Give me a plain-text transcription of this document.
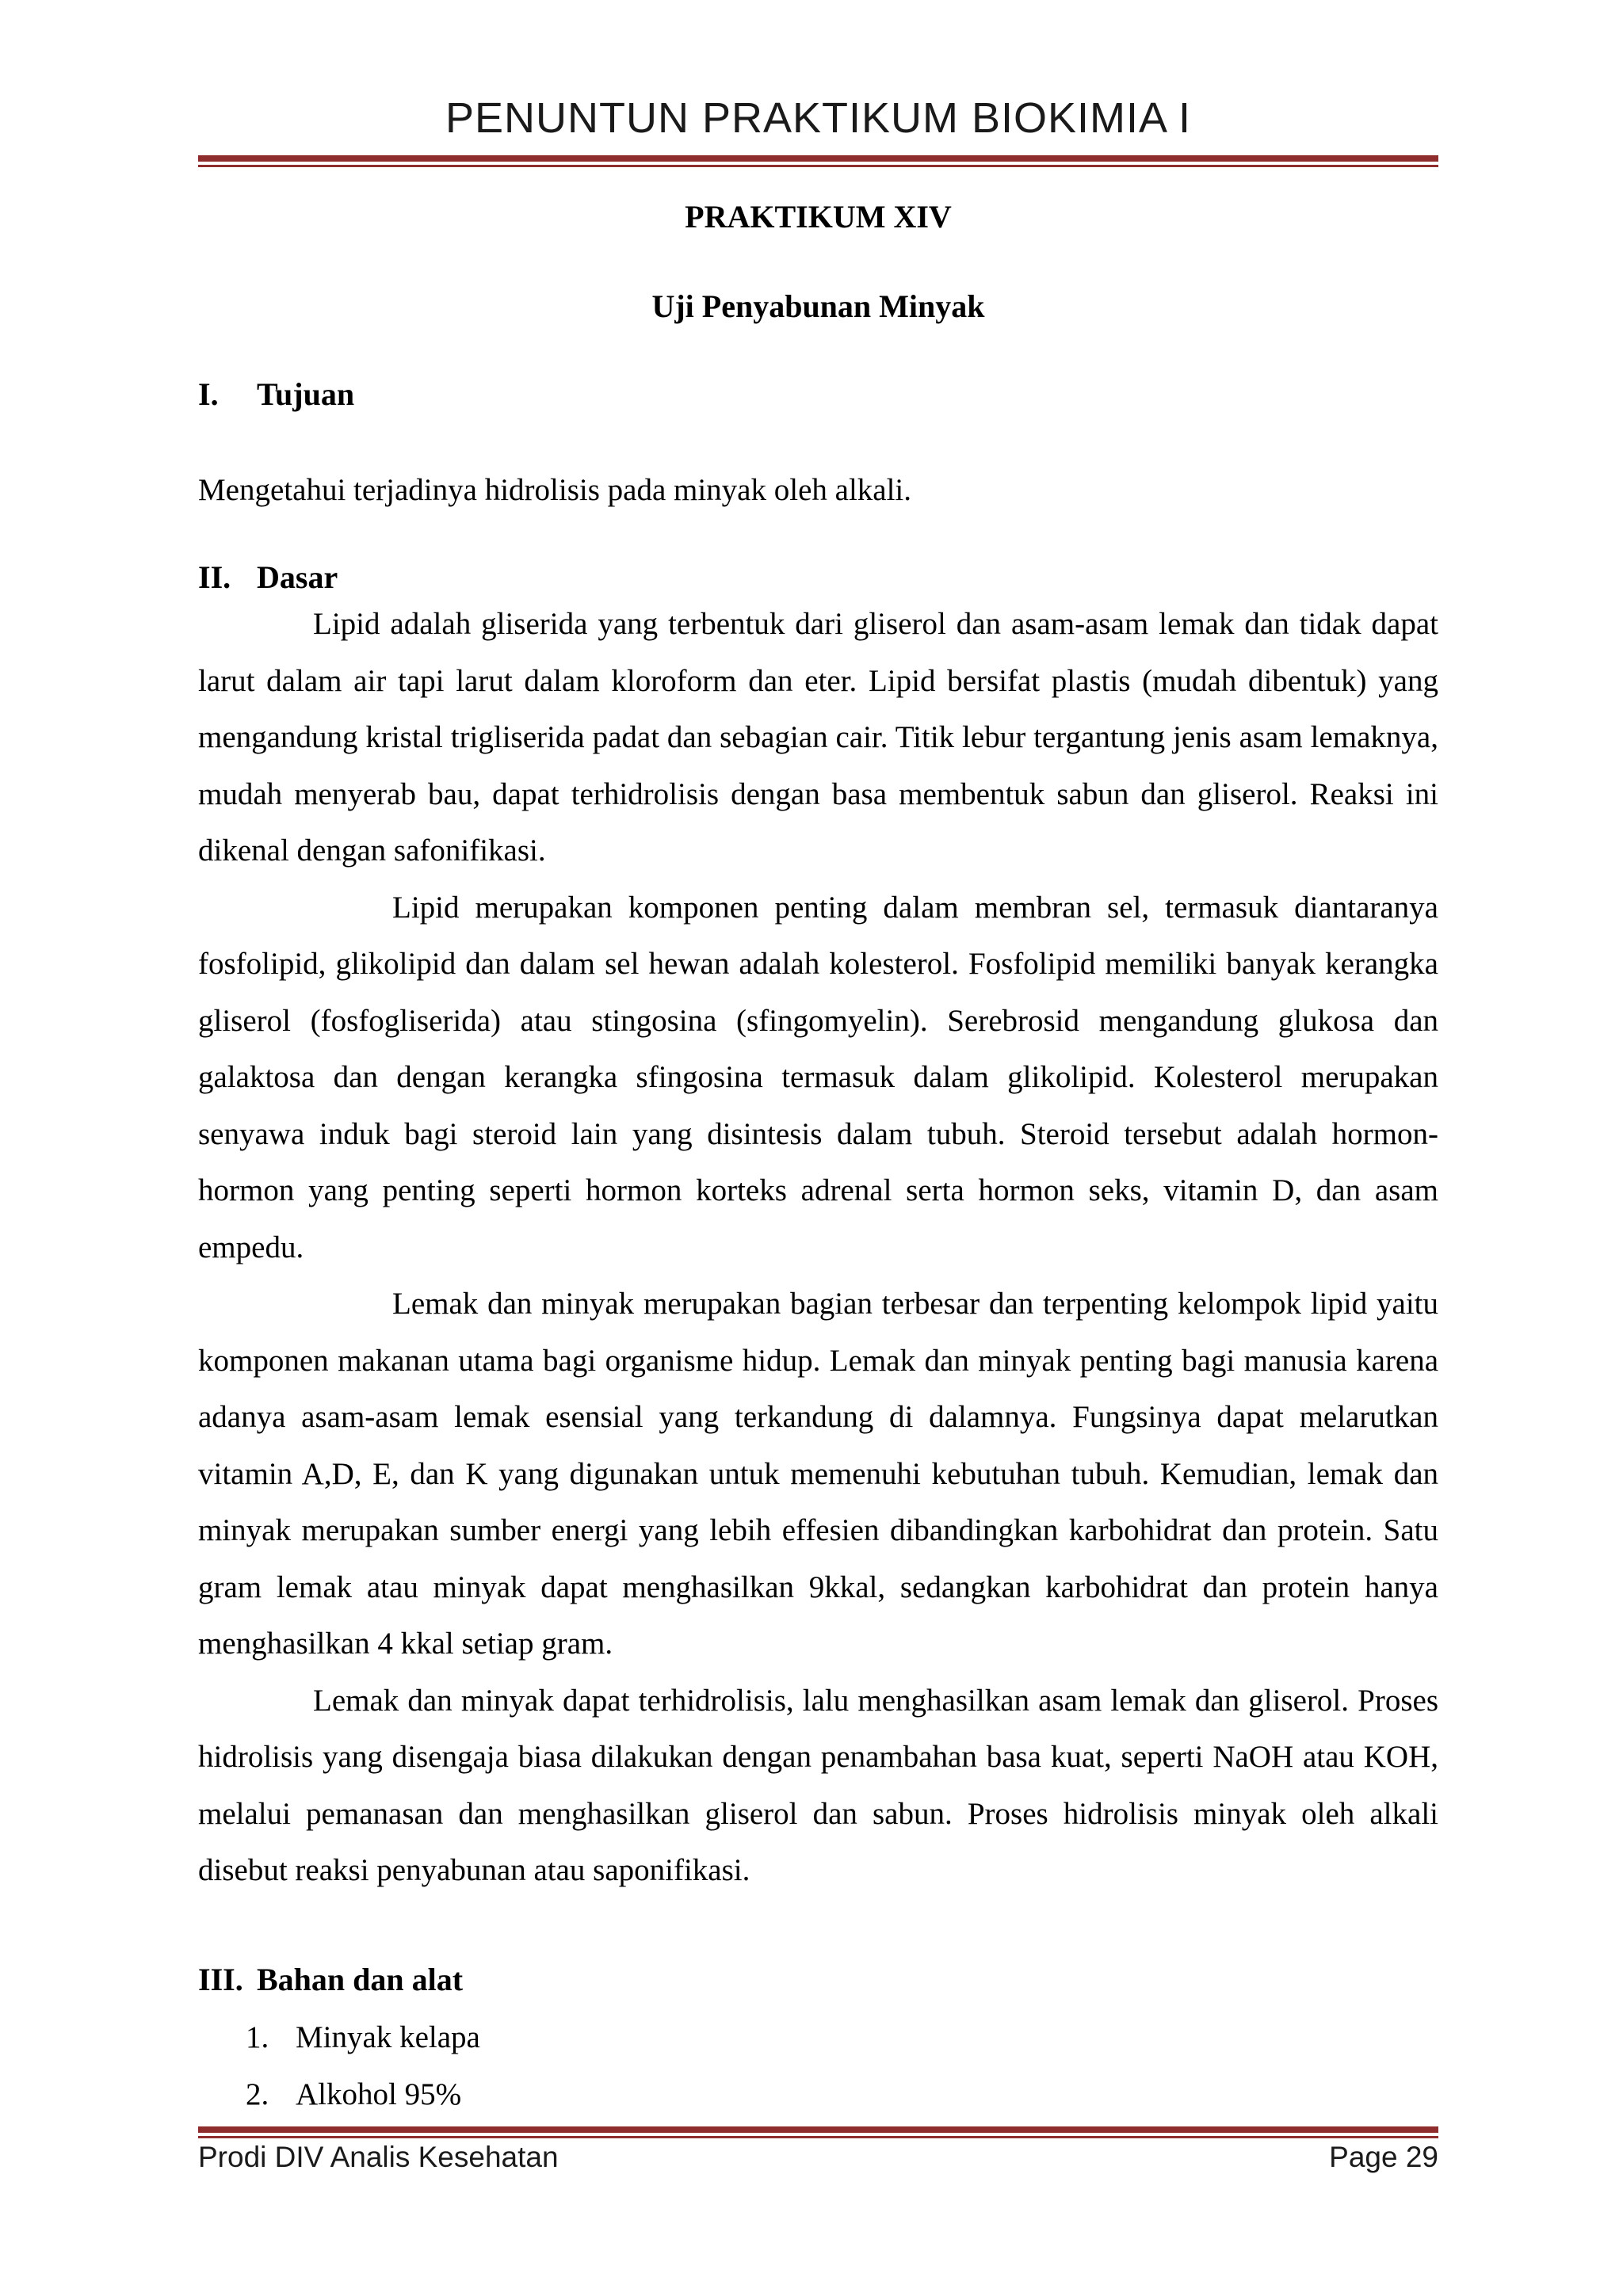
PENUNTUN PRAKTIKUM BIOKIMIA I

PRAKTIKUM XIV

Uji Penyabunan Minyak

I. Tujuan

Mengetahui terjadinya hidrolisis pada minyak oleh alkali.

II. Dasar

Lipid adalah gliserida yang terbentuk dari gliserol dan asam-asam lemak dan tidak dapat larut dalam air tapi larut dalam kloroform dan eter. Lipid bersifat plastis (mudah dibentuk) yang mengandung kristal trigliserida padat dan sebagian cair. Titik lebur tergantung jenis asam lemaknya, mudah menyerab bau, dapat terhidrolisis dengan basa membentuk sabun dan gliserol. Reaksi ini dikenal dengan safonifikasi.

Lipid merupakan komponen penting dalam membran sel, termasuk diantaranya fosfolipid, glikolipid dan dalam sel hewan adalah kolesterol. Fosfolipid memiliki banyak kerangka gliserol (fosfogliserida) atau stingosina (sfingomyelin). Serebrosid mengandung glukosa dan galaktosa dan dengan kerangka sfingosina termasuk dalam glikolipid. Kolesterol merupakan senyawa induk bagi steroid lain yang disintesis dalam tubuh. Steroid tersebut adalah hormon-hormon yang penting seperti hormon korteks adrenal serta hormon seks, vitamin D, dan asam empedu.

Lemak dan minyak merupakan bagian terbesar dan terpenting kelompok lipid yaitu komponen makanan utama bagi organisme hidup. Lemak dan minyak penting bagi manusia karena adanya asam-asam lemak esensial yang terkandung di dalamnya. Fungsinya dapat melarutkan vitamin A,D, E, dan K yang digunakan untuk memenuhi kebutuhan tubuh. Kemudian, lemak dan minyak merupakan sumber energi yang lebih effesien dibandingkan karbohidrat dan protein. Satu gram lemak atau minyak dapat menghasilkan 9kkal, sedangkan karbohidrat dan protein hanya menghasilkan 4 kkal setiap gram.

Lemak dan minyak dapat terhidrolisis, lalu menghasilkan asam lemak dan gliserol. Proses hidrolisis yang disengaja biasa dilakukan dengan penambahan basa kuat, seperti NaOH atau KOH, melalui pemanasan dan menghasilkan gliserol dan sabun. Proses hidrolisis minyak oleh alkali disebut reaksi penyabunan atau saponifikasi.

III. Bahan dan alat

1. Minyak kelapa
2. Alkohol 95%
Prodi DIV Analis Kesehatan	Page 29
